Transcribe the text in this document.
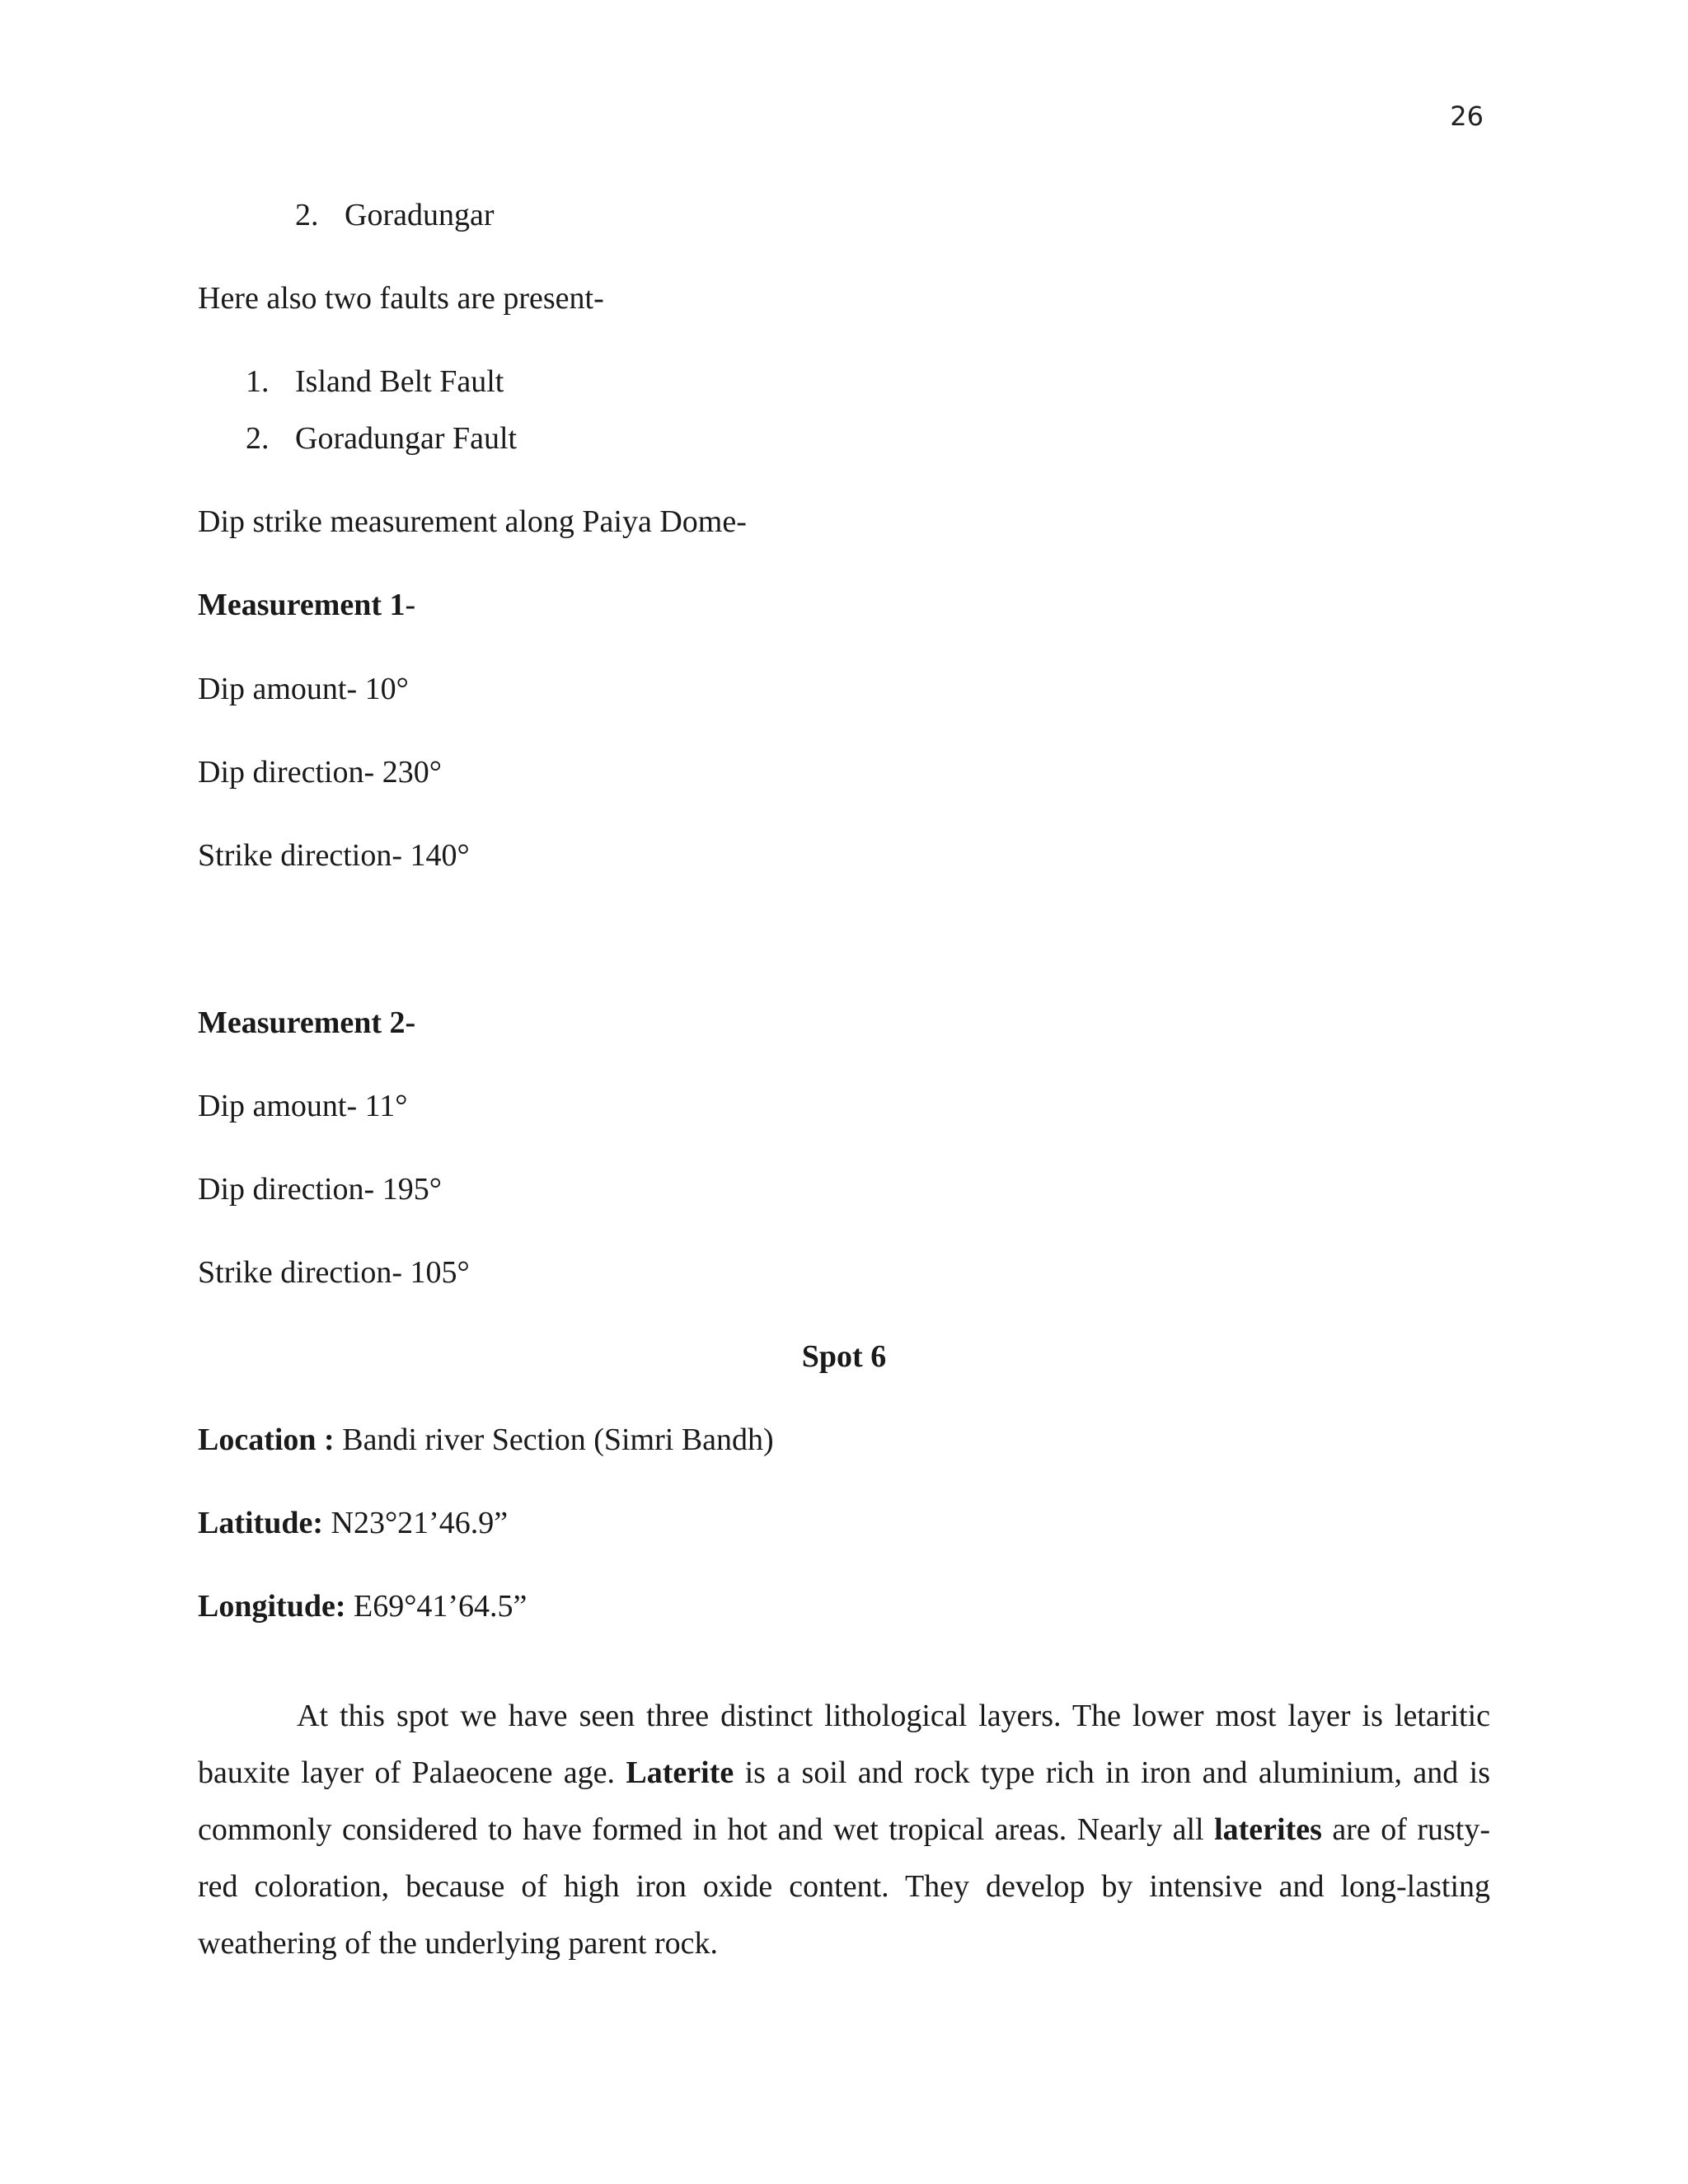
26
2. Goradungar
Here also two faults are present-
1. Island Belt Fault
2. Goradungar Fault
Dip strike measurement along Paiya Dome-
Measurement 1-
Dip amount- 10°
Dip direction- 230°
Strike direction- 140°
Measurement 2-
Dip amount- 11°
Dip direction- 195°
Strike direction- 105°
Spot 6
Location : Bandi river Section (Simri Bandh)
Latitude: N23°21’46.9”
Longitude: E69°41’64.5”

At this spot we have seen three distinct lithological layers. The lower most layer is letaritic bauxite layer of Palaeocene age. Laterite is a soil and rock type rich in iron and aluminium, and is commonly considered to have formed in hot and wet tropical areas. Nearly all laterites are of rusty-red coloration, because of high iron oxide content. They develop by intensive and long-lasting weathering of the underlying parent rock.
